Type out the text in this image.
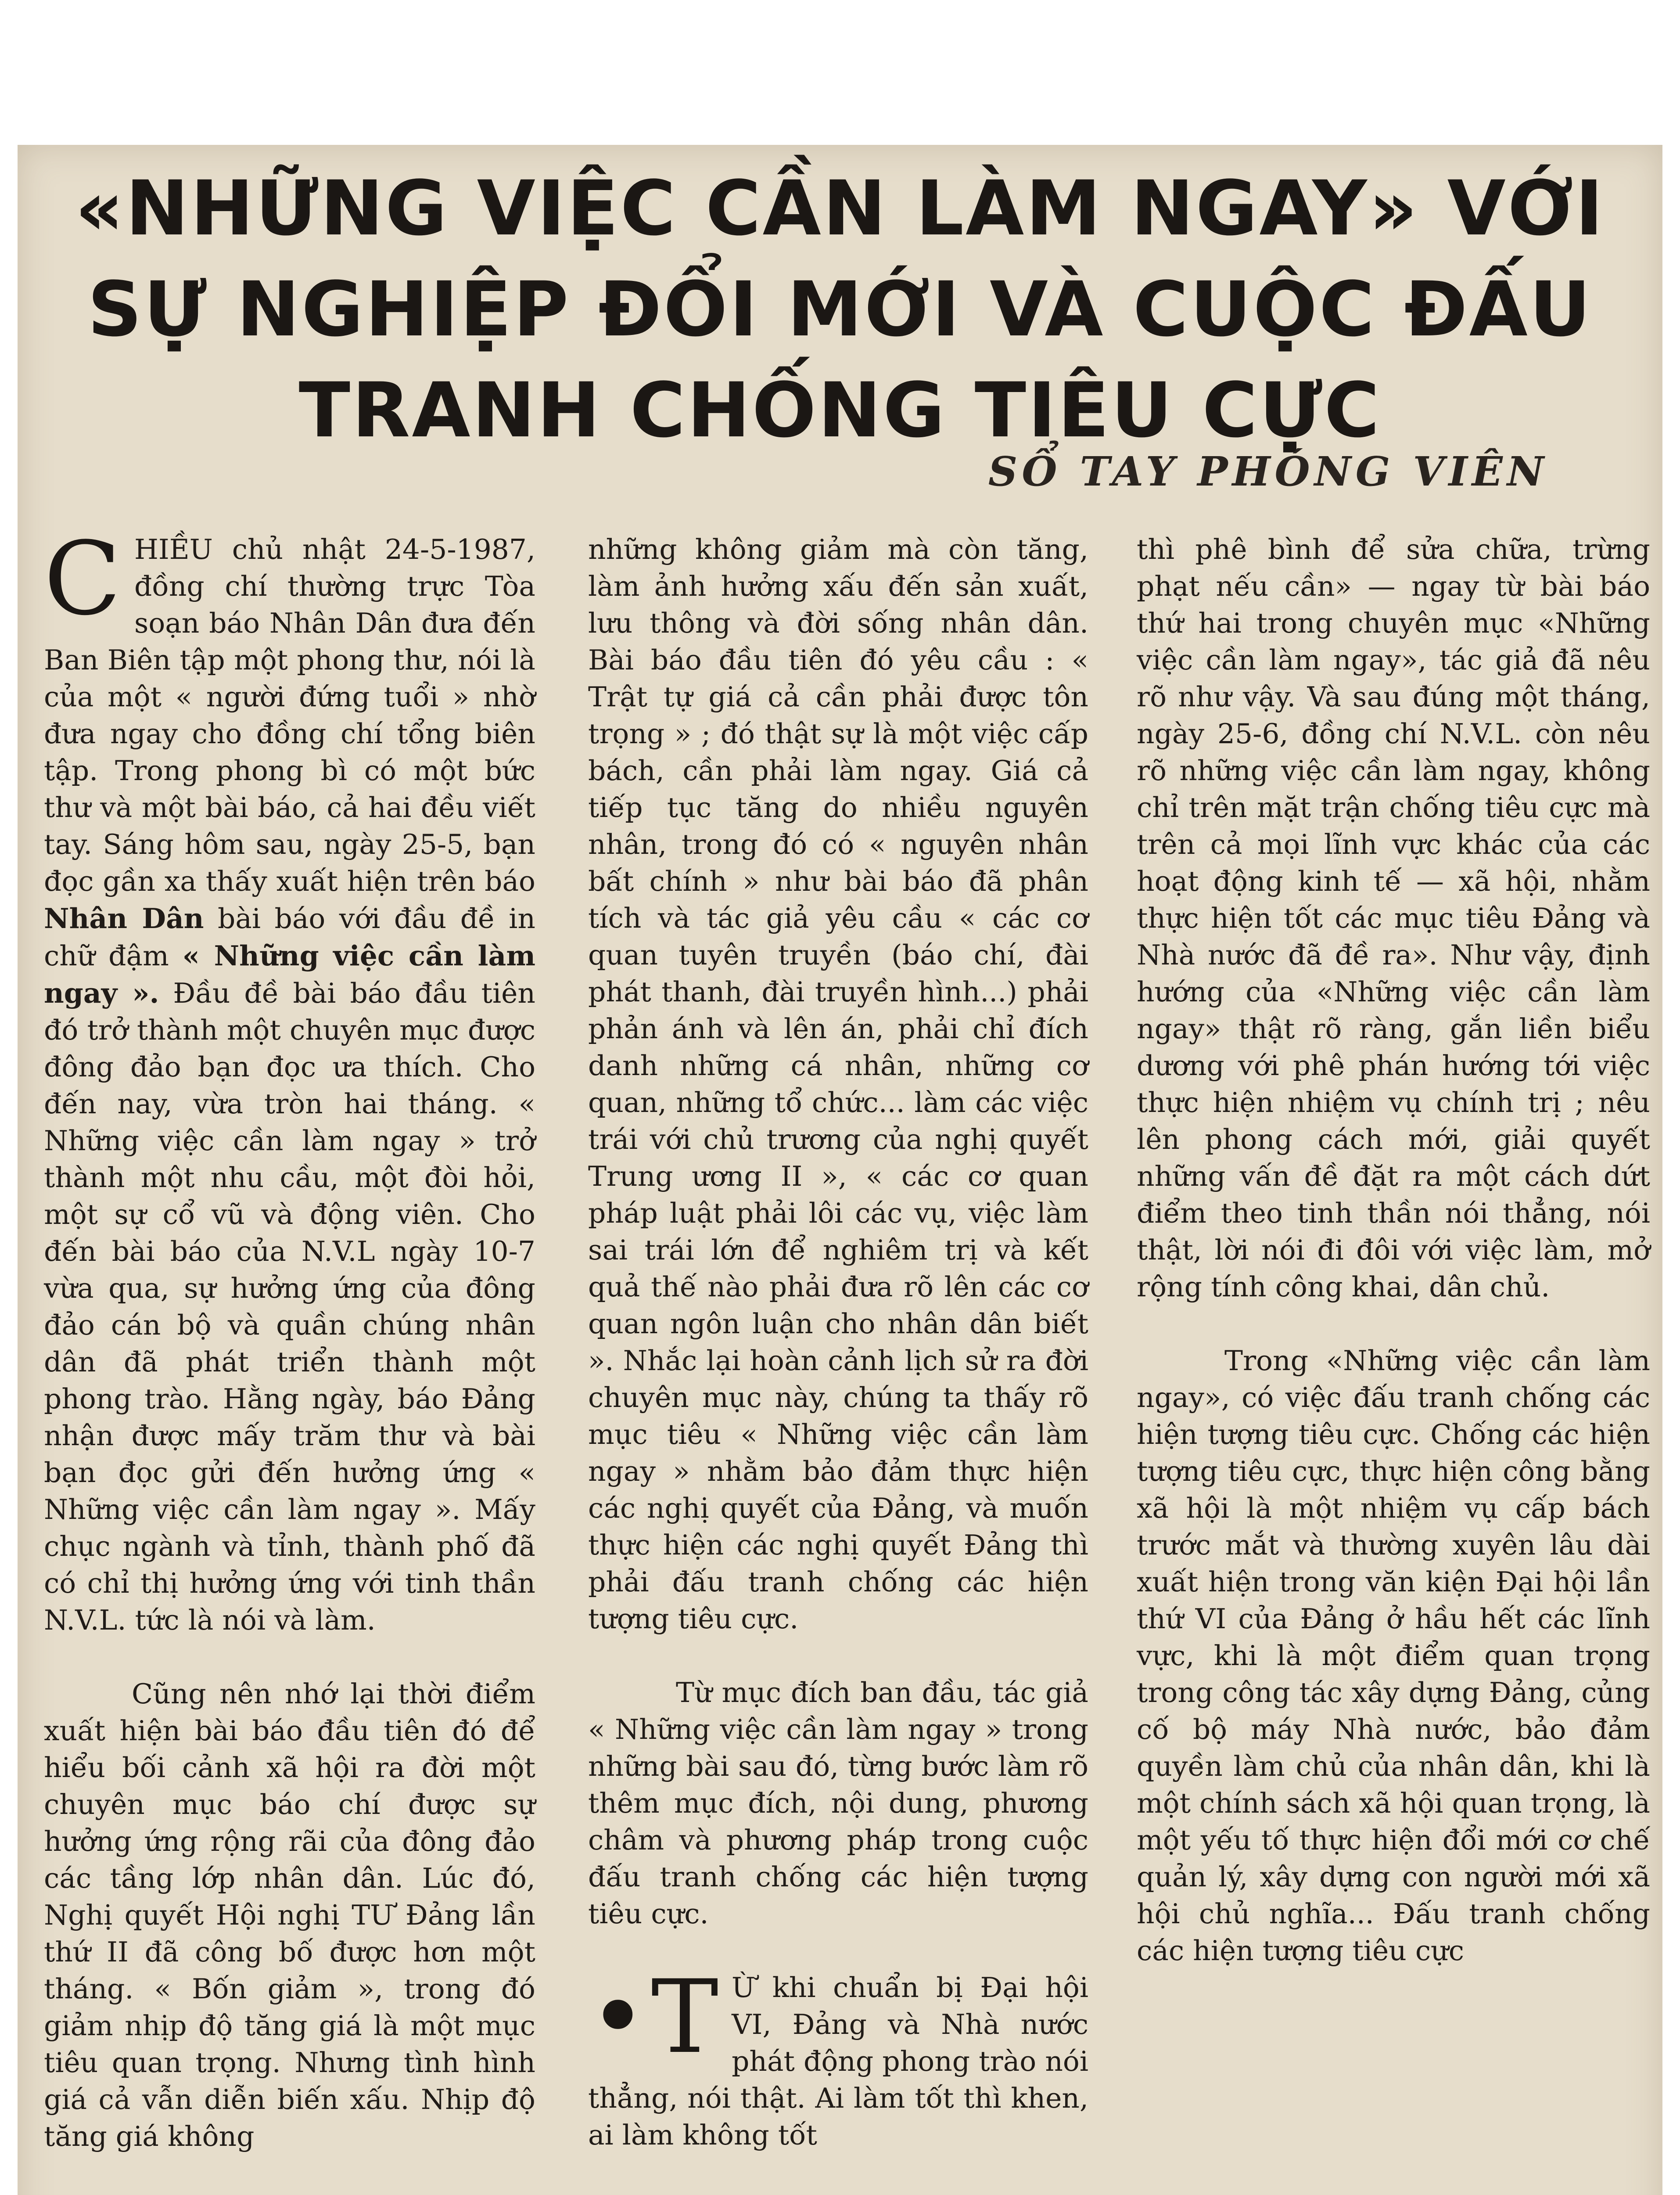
«NHỮNG VIỆC CẦN LÀM NGAY» VỚI SỰ NGHIỆP ĐỔI MỚI VÀ CUỘC ĐẤU TRANH CHỐNG TIÊU CỰC
SỔ TAY PHÓNG VIÊN

C HIỀU chủ nhật 24-5-1987, đồng chí thường trực Tòa soạn báo Nhân Dân đưa đến Ban Biên tập một phong thư, nói là của một « người đứng tuổi » nhờ đưa ngay cho đồng chí tổng biên tập. Trong phong bì có một bức thư và một bài báo, cả hai đều viết tay. Sáng hôm sau, ngày 25-5, bạn đọc gần xa thấy xuất hiện trên báo Nhân Dân bài báo với đầu đề in chữ đậm « Những việc cần làm ngay ». Đầu đề bài báo đầu tiên đó trở thành một chuyên mục được đông đảo bạn đọc ưa thích. Cho đến nay, vừa tròn hai tháng. « Những việc cần làm ngay » trở thành một nhu cầu, một đòi hỏi, một sự cổ vũ và động viên. Cho đến bài báo của N.V.L ngày 10-7 vừa qua, sự hưởng ứng của đông đảo cán bộ và quần chúng nhân dân đã phát triển thành một phong trào. Hằng ngày, báo Đảng nhận được mấy trăm thư và bài bạn đọc gửi đến hưởng ứng « Những việc cần làm ngay ». Mấy chục ngành và tỉnh, thành phố đã có chỉ thị hưởng ứng với tinh thần N.V.L. tức là nói và làm.

Cũng nên nhớ lại thời điểm xuất hiện bài báo đầu tiên đó để hiểu bối cảnh xã hội ra đời một chuyên mục báo chí được sự hưởng ứng rộng rãi của đông đảo các tầng lớp nhân dân. Lúc đó, Nghị quyết Hội nghị TƯ Đảng lần thứ II đã công bố được hơn một tháng. « Bốn giảm », trong đó giảm nhịp độ tăng giá là một mục tiêu quan trọng. Nhưng tình hình giá cả vẫn diễn biến xấu. Nhịp độ tăng giá không

những không giảm mà còn tăng, làm ảnh hưởng xấu đến sản xuất, lưu thông và đời sống nhân dân. Bài báo đầu tiên đó yêu cầu : « Trật tự giá cả cần phải được tôn trọng » ; đó thật sự là một việc cấp bách, cần phải làm ngay. Giá cả tiếp tục tăng do nhiều nguyên nhân, trong đó có « nguyên nhân bất chính » như bài báo đã phân tích và tác giả yêu cầu « các cơ quan tuyên truyền (báo chí, đài phát thanh, đài truyền hình...) phải phản ánh và lên án, phải chỉ đích danh những cá nhân, những cơ quan, những tổ chức... làm các việc trái với chủ trương của nghị quyết Trung ương II », « các cơ quan pháp luật phải lôi các vụ, việc làm sai trái lớn để nghiêm trị và kết quả thế nào phải đưa rõ lên các cơ quan ngôn luận cho nhân dân biết ». Nhắc lại hoàn cảnh lịch sử ra đời chuyên mục này, chúng ta thấy rõ mục tiêu « Những việc cần làm ngay » nhằm bảo đảm thực hiện các nghị quyết của Đảng, và muốn thực hiện các nghị quyết Đảng thì phải đấu tranh chống các hiện tượng tiêu cực.

Từ mục đích ban đầu, tác giả « Những việc cần làm ngay » trong những bài sau đó, từng bước làm rõ thêm mục đích, nội dung, phương châm và phương pháp trong cuộc đấu tranh chống các hiện tượng tiêu cực.

•T Ừ khi chuẩn bị Đại hội VI, Đảng và Nhà nước phát động phong trào nói thẳng, nói thật. Ai làm tốt thì khen, ai làm không tốt

thì phê bình để sửa chữa, trừng phạt nếu cần» — ngay từ bài báo thứ hai trong chuyên mục «Những việc cần làm ngay», tác giả đã nêu rõ như vậy. Và sau đúng một tháng, ngày 25-6, đồng chí N.V.L. còn nêu rõ những việc cần làm ngay, không chỉ trên mặt trận chống tiêu cực mà trên cả mọi lĩnh vực khác của các hoạt động kinh tế — xã hội, nhằm thực hiện tốt các mục tiêu Đảng và Nhà nước đã đề ra». Như vậy, định hướng của «Những việc cần làm ngay» thật rõ ràng, gắn liền biểu dương với phê phán hướng tới việc thực hiện nhiệm vụ chính trị ; nêu lên phong cách mới, giải quyết những vấn đề đặt ra một cách dứt điểm theo tinh thần nói thẳng, nói thật, lời nói đi đôi với việc làm, mở rộng tính công khai, dân chủ.

Trong «Những việc cần làm ngay», có việc đấu tranh chống các hiện tượng tiêu cực. Chống các hiện tượng tiêu cực, thực hiện công bằng xã hội là một nhiệm vụ cấp bách trước mắt và thường xuyên lâu dài xuất hiện trong văn kiện Đại hội lần thứ VI của Đảng ở hầu hết các lĩnh vực, khi là một điểm quan trọng trong công tác xây dựng Đảng, củng cố bộ máy Nhà nước, bảo đảm quyền làm chủ của nhân dân, khi là một chính sách xã hội quan trọng, là một yếu tố thực hiện đổi mới cơ chế quản lý, xây dựng con người mới xã hội chủ nghĩa... Đấu tranh chống các hiện tượng tiêu cực
